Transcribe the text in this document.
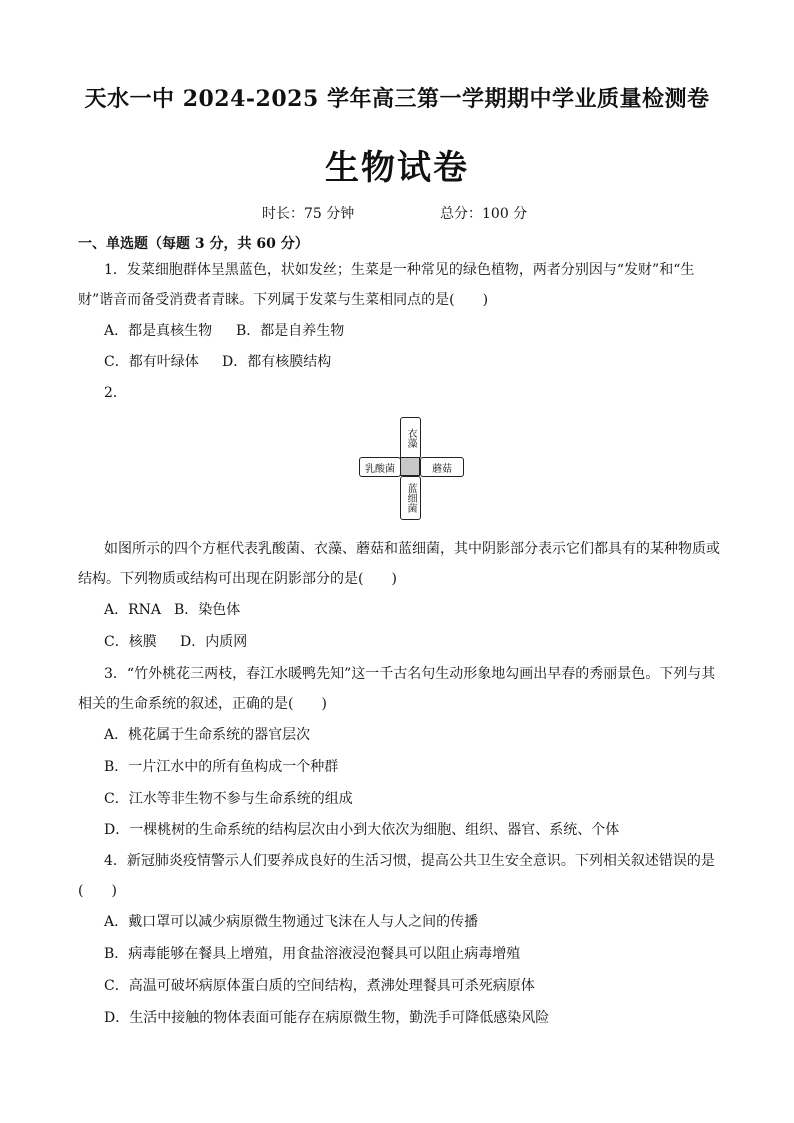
天水一中 2024-2025 学年高三第一学期期中学业质量检测卷
生物试卷
时长：75 分钟	总分：100 分
一、单选题（每题 3 分，共 60 分）
1．发菜细胞群体呈黑蓝色，状如发丝；生菜是一种常见的绿色植物，两者分别因与“发财”和“生
财”谐音而备受消费者青睐。下列属于发菜与生菜相同点的是(　　)
A．都是真核生物 B．都是自养生物
C．都有叶绿体 D．都有核膜结构
2．
衣藻
乳酸菌	蘑菇
蓝细菌
如图所示的四个方框代表乳酸菌、衣藻、蘑菇和蓝细菌，其中阴影部分表示它们都具有的某种物质或
结构。下列物质或结构可出现在阴影部分的是(　　)
A．RNA B．染色体
C．核膜 D．内质网
3．“竹外桃花三两枝，春江水暖鸭先知”这一千古名句生动形象地勾画出早春的秀丽景色。下列与其
相关的生命系统的叙述，正确的是(　　)
A．桃花属于生命系统的器官层次
B．一片江水中的所有鱼构成一个种群
C．江水等非生物不参与生命系统的组成
D．一棵桃树的生命系统的结构层次由小到大依次为细胞、组织、器官、系统、个体
4．新冠肺炎疫情警示人们要养成良好的生活习惯，提高公共卫生安全意识。下列相关叙述错误的是
(　　)
A．戴口罩可以减少病原微生物通过飞沫在人与人之间的传播
B．病毒能够在餐具上增殖，用食盐溶液浸泡餐具可以阻止病毒增殖
C．高温可破坏病原体蛋白质的空间结构，煮沸处理餐具可杀死病原体
D．生活中接触的物体表面可能存在病原微生物，勤洗手可降低感染风险
